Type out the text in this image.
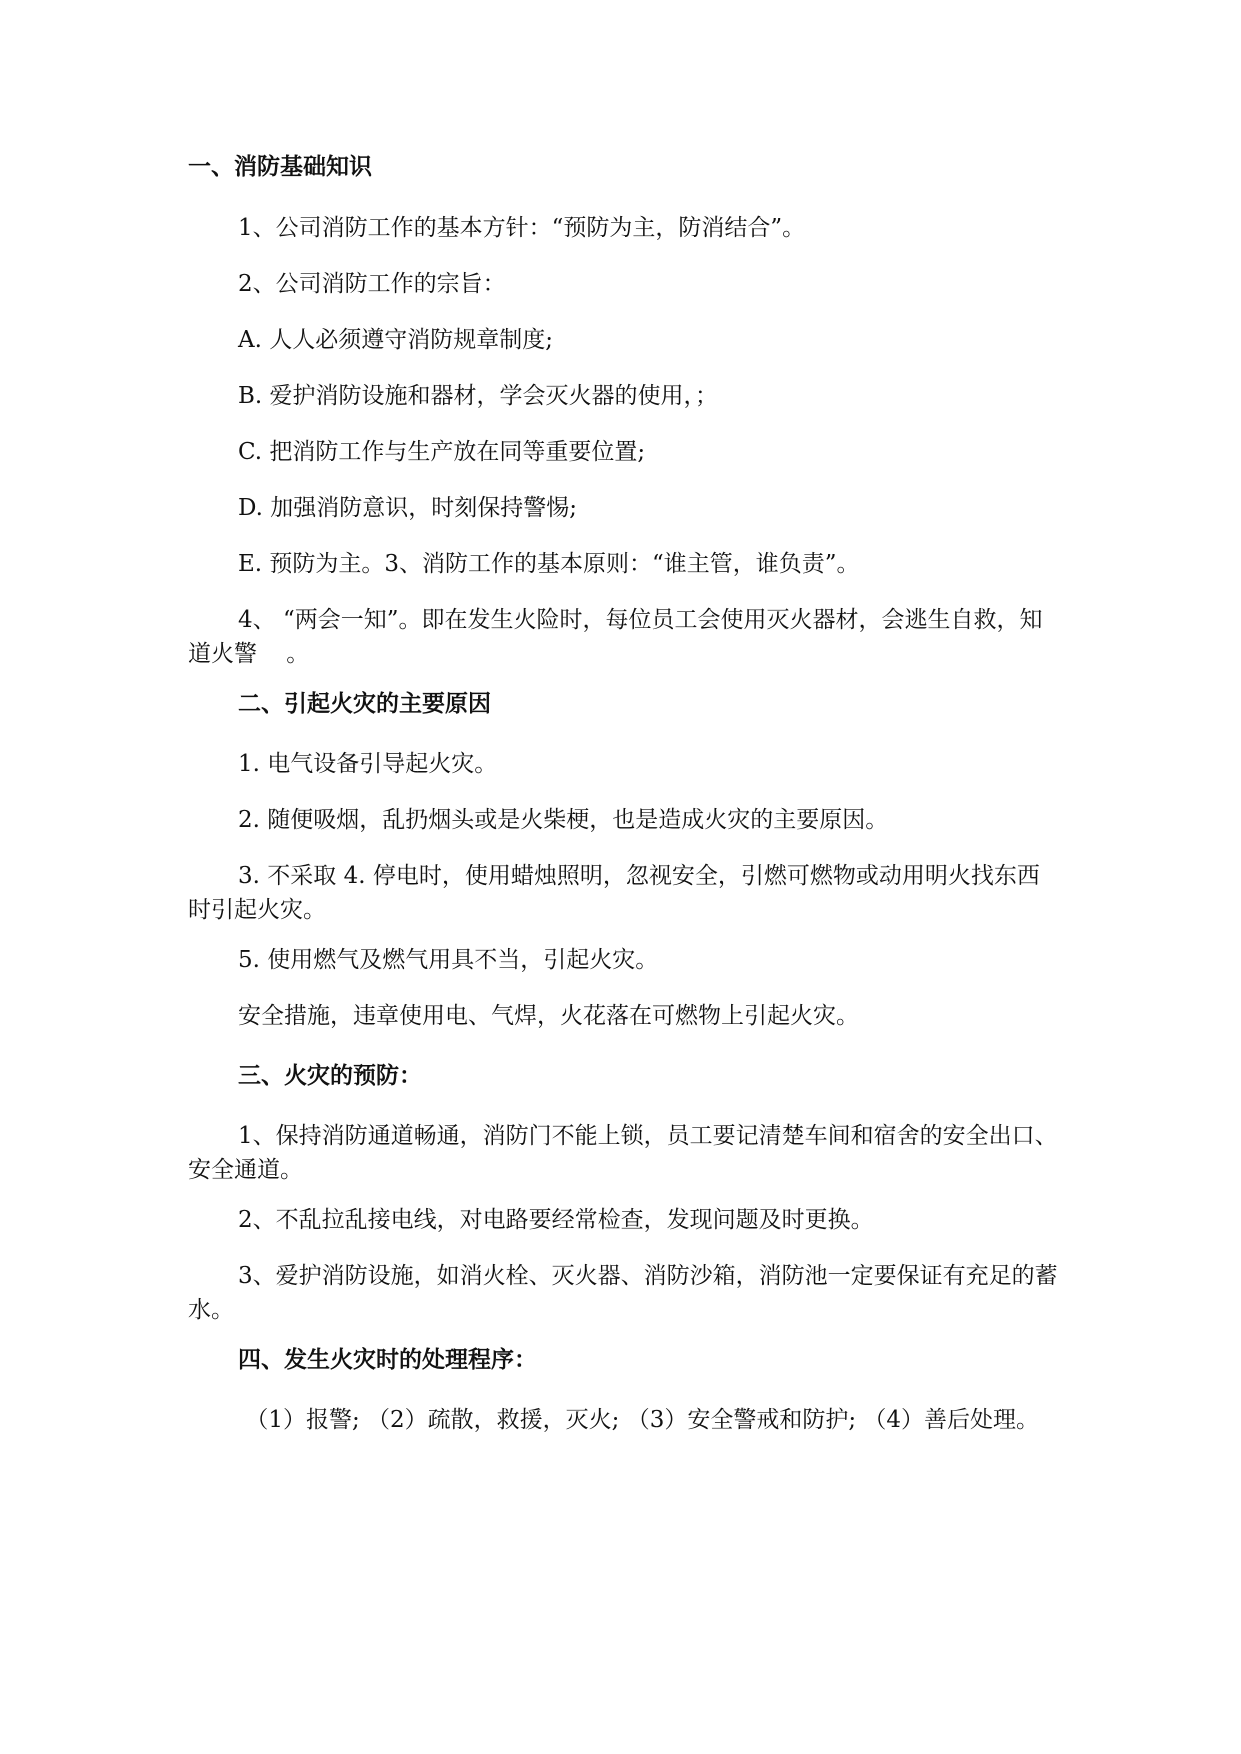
一、消防基础知识

1、公司消防工作的基本方针：“预防为主，防消结合”。

2、公司消防工作的宗旨：

A. 人人必须遵守消防规章制度;

B. 爱护消防设施和器材，学会灭火器的使用，；

C. 把消防工作与生产放在同等重要位置;

D. 加强消防意识，时刻保持警惕;

E. 预防为主。3、消防工作的基本原则：“谁主管，谁负责”。

4、 “两会一知”。即在发生火险时，每位员工会使用灭火器材，会逃生自救，知道火警    。

二、引起火灾的主要原因

1. 电气设备引导起火灾。

2. 随便吸烟，乱扔烟头或是火柴梗，也是造成火灾的主要原因。

3. 不采取 4. 停电时，使用蜡烛照明，忽视安全，引燃可燃物或动用明火找东西时引起火灾。

5. 使用燃气及燃气用具不当，引起火灾。

安全措施，违章使用电、气焊，火花落在可燃物上引起火灾。

三、火灾的预防：

1、保持消防通道畅通，消防门不能上锁，员工要记清楚车间和宿舍的安全出口、安全通道。

2、不乱拉乱接电线，对电路要经常检查，发现问题及时更换。

3、爱护消防设施，如消火栓、灭火器、消防沙箱，消防池一定要保证有充足的蓄水。

四、发生火灾时的处理程序：

（1）报警; （2）疏散，救援，灭火; （3）安全警戒和防护; （4）善后处理。
